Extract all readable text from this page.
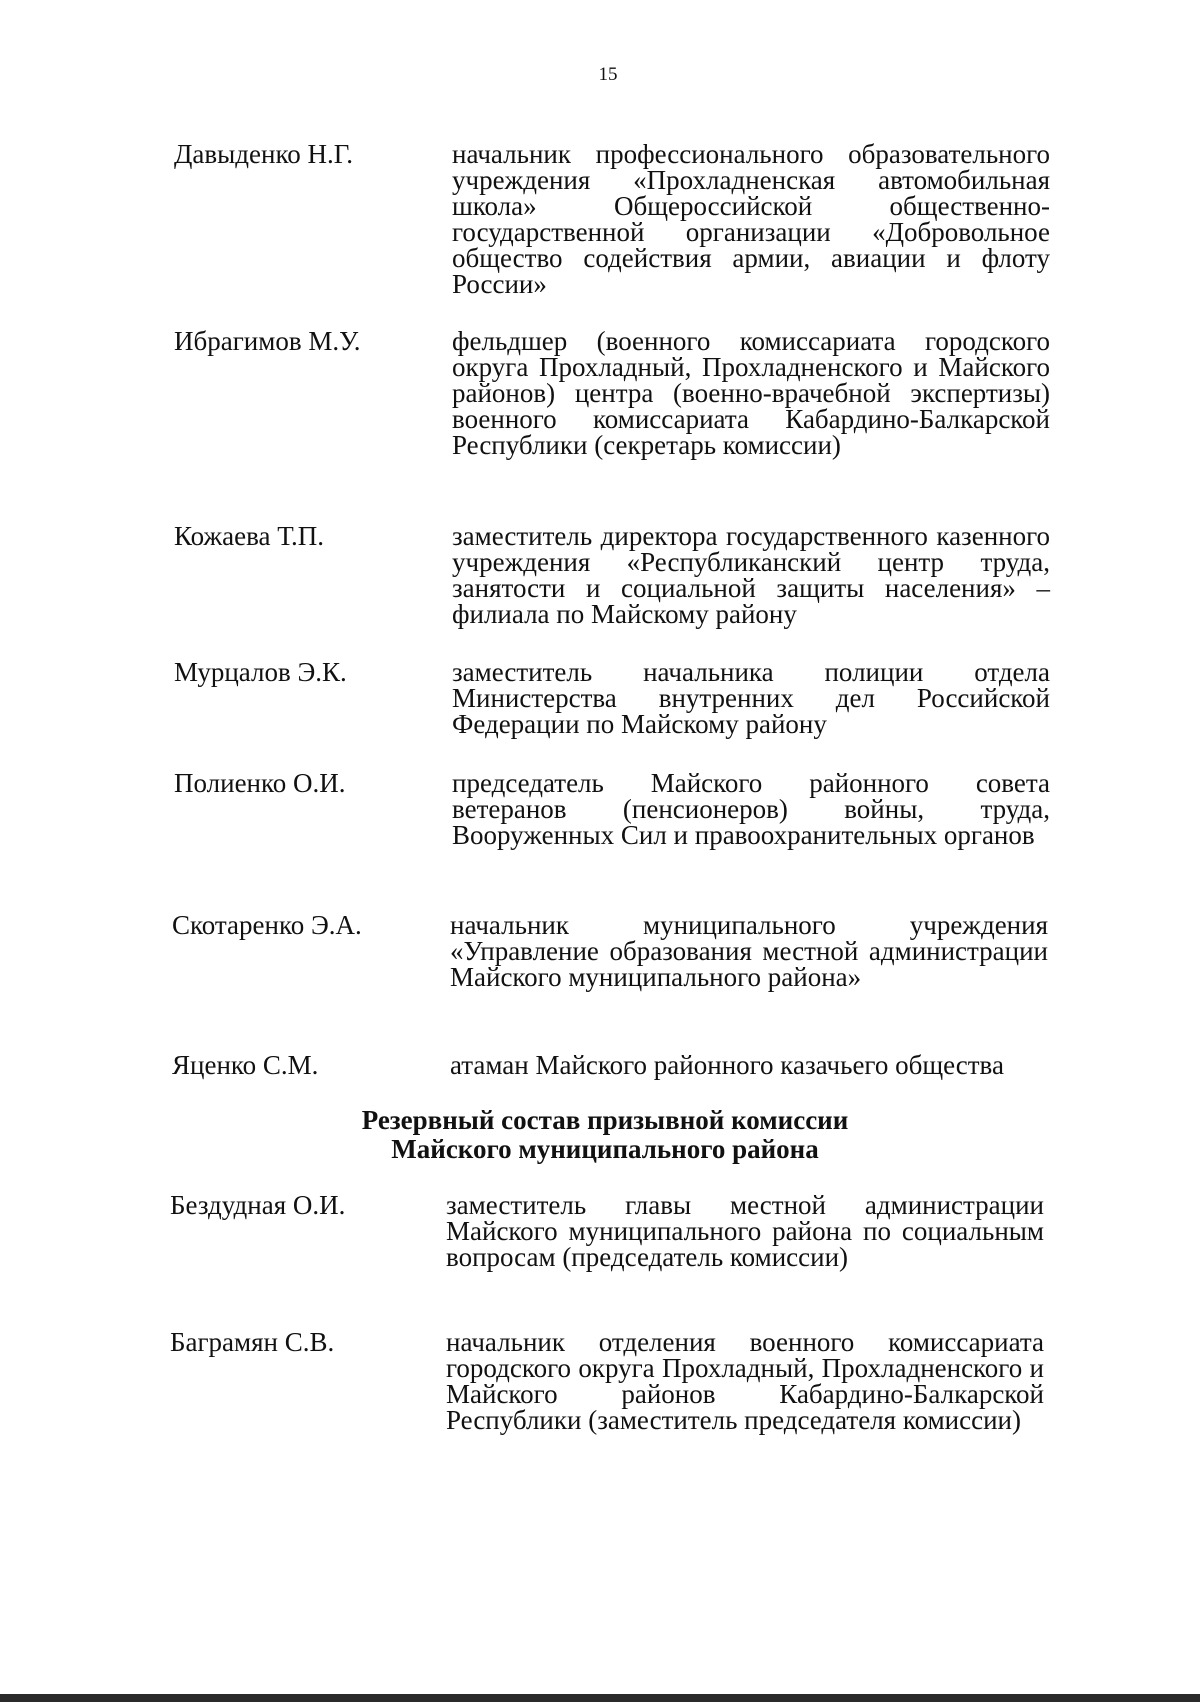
15
Давыденко Н.Г.	начальник профессионального образовательного учреждения «Прохладненская автомобильная школа» Общероссийской общественно-государственной организации «Добровольное общество содействия армии, авиации и флоту России»
Ибрагимов М.У.	фельдшер (военного комиссариата городского округа Прохладный, Прохладненского и Майского районов) центра (военно-врачебной экспертизы) военного комиссариата Кабардино-Балкарской Республики (секретарь комиссии)
Кожаева Т.П.	заместитель директора государственного казенного учреждения «Республиканский центр труда, занятости и социальной защиты населения» – филиала по Майскому району
Мурцалов Э.К.	заместитель начальника полиции отдела Министерства внутренних дел Российской Федерации по Майскому району
Полиенко О.И.	председатель Майского районного совета ветеранов (пенсионеров) войны, труда, Вооруженных Сил и правоохранительных органов
Скотаренко Э.А.	начальник муниципального учреждения «Управление образования местной администрации Майского муниципального района»
Яценко С.М.	атаман Майского районного казачьего общества
Резервный состав призывной комиссии
Майского муниципального района
Бездудная О.И.	заместитель главы местной администрации Майского муниципального района по социальным вопросам (председатель комиссии)
Баграмян С.В.	начальник отделения военного комиссариата городского округа Прохладный, Прохладненского и Майского районов Кабардино-Балкарской Республики (заместитель председателя комиссии)
